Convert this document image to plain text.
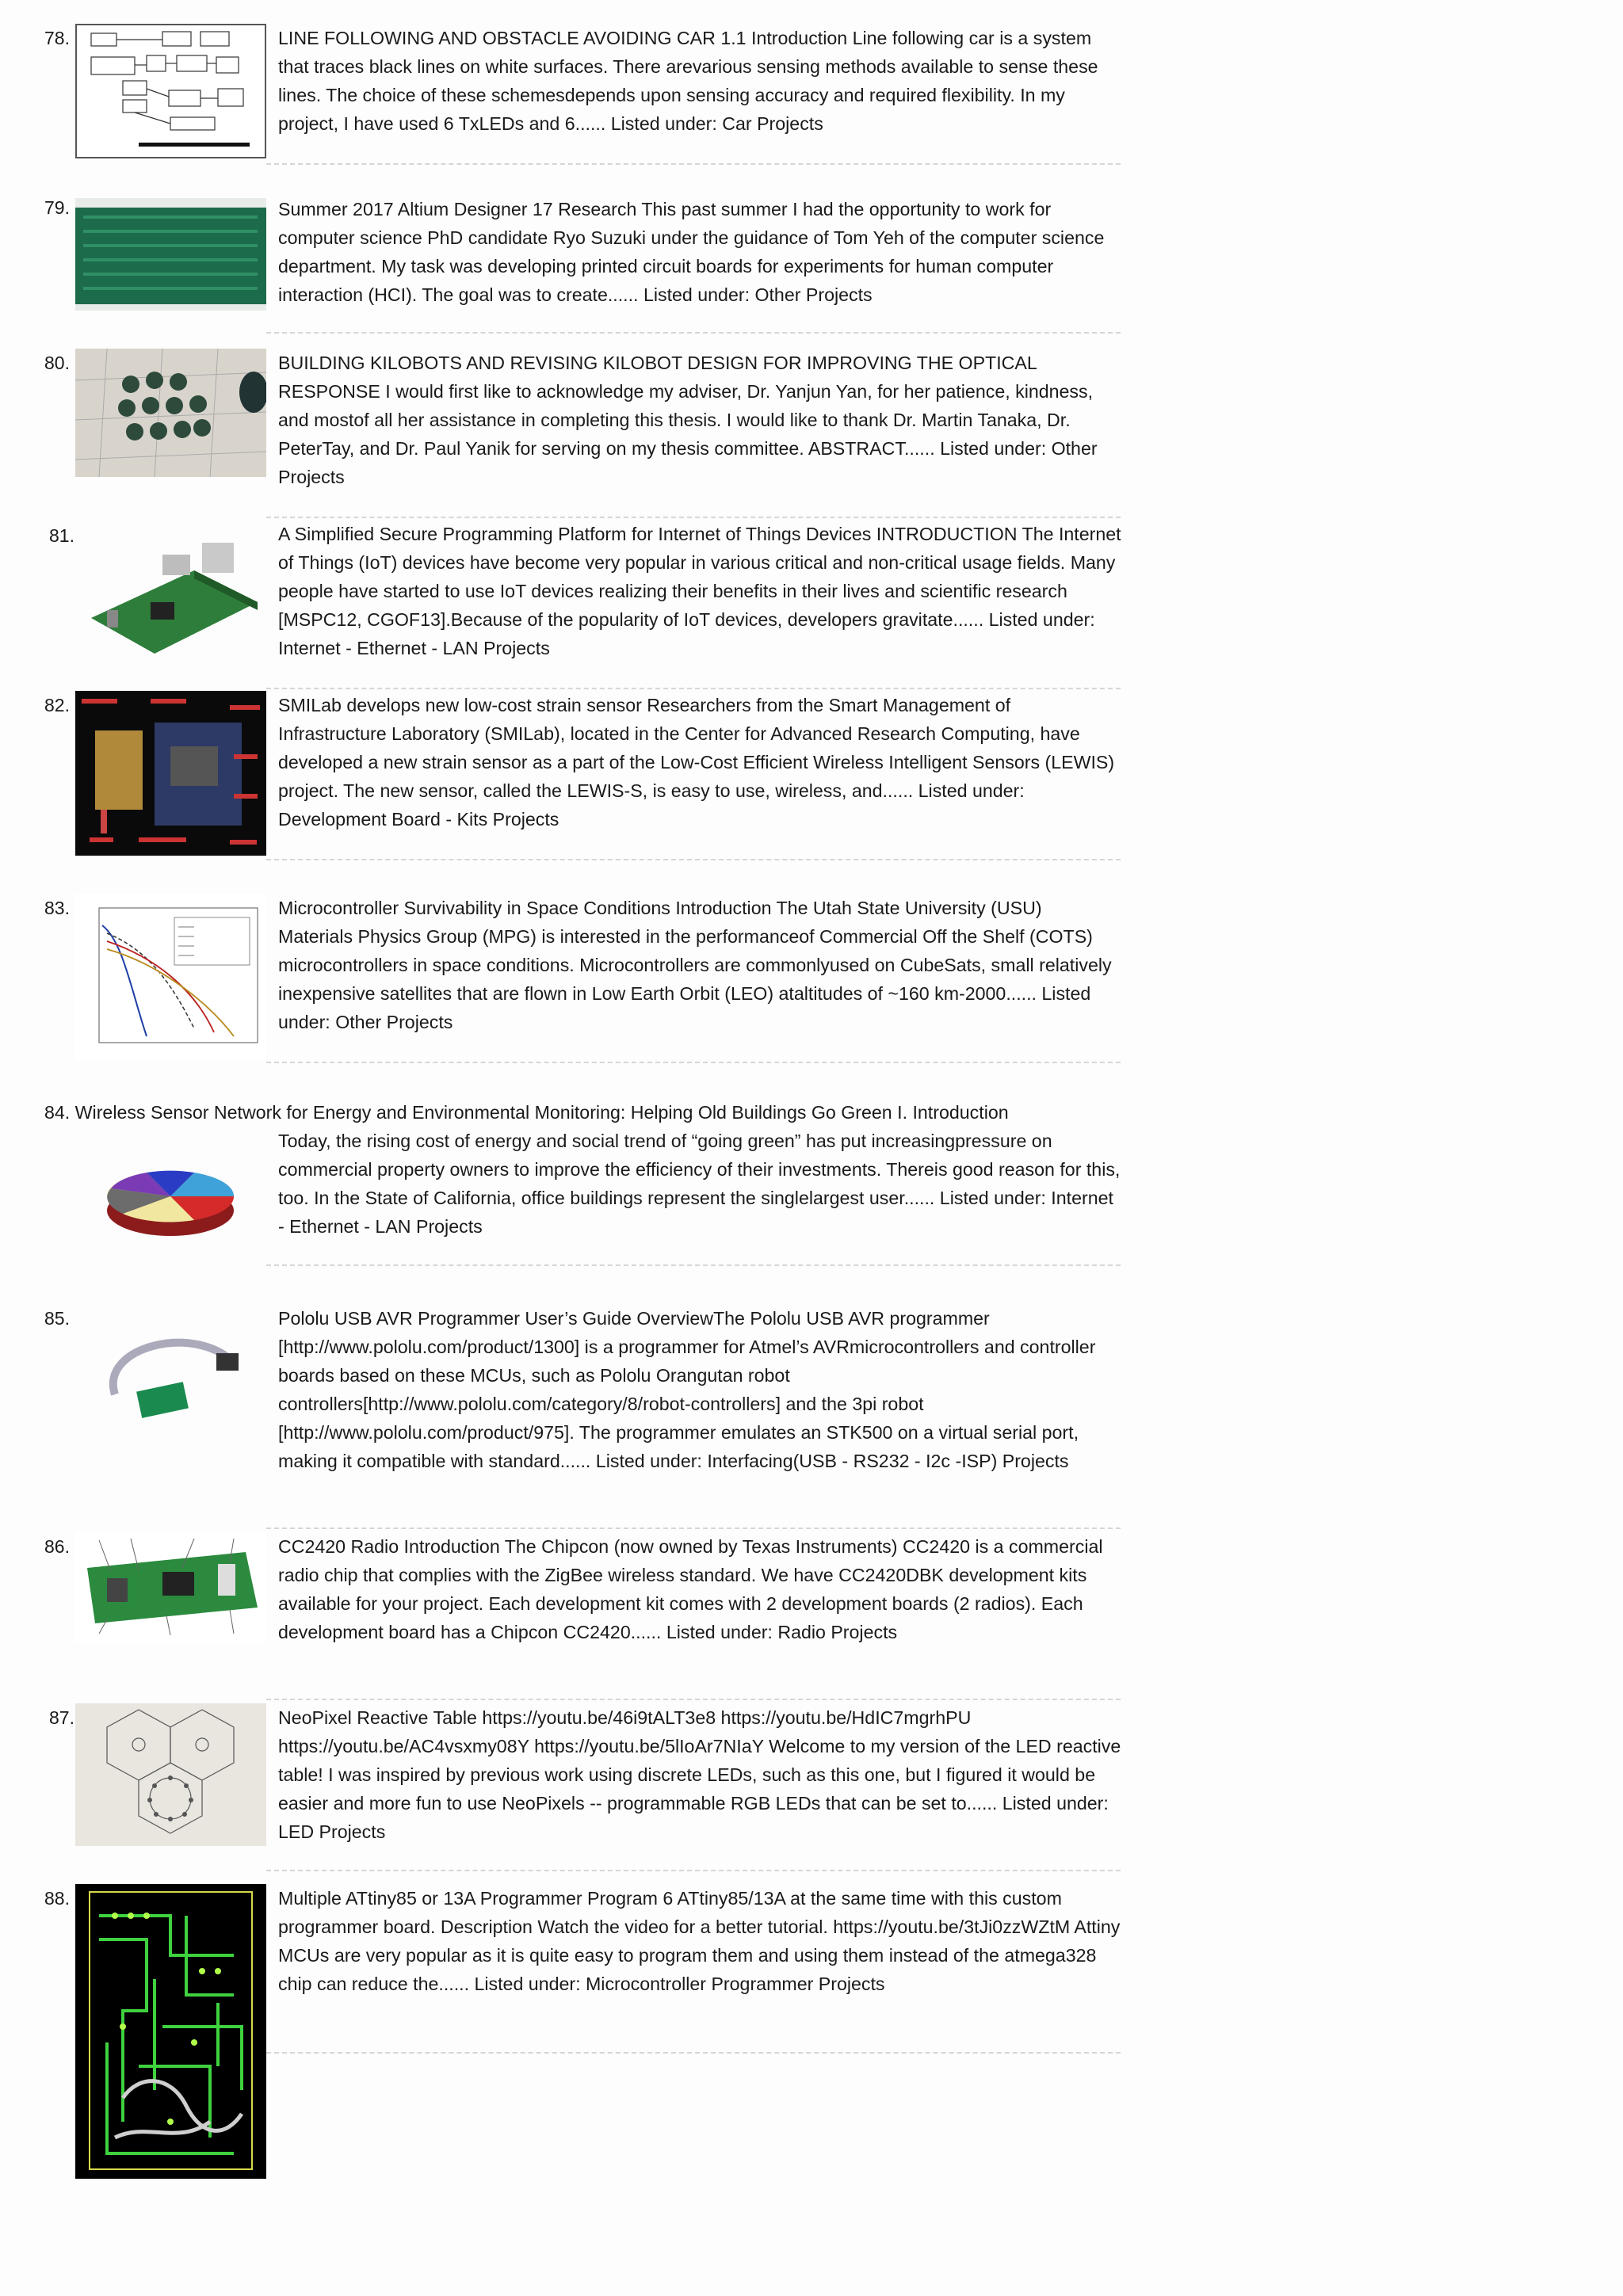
78.	LINE FOLLOWING AND OBSTACLE AVOIDING CAR 1.1 Introduction Line following car is a system that traces black lines on white surfaces. There arevarious sensing methods available to sense these lines. The choice of these schemesdepends upon sensing accuracy and required flexibility. In my project, I have used 6 TxLEDs and 6...... Listed under: Car Projects

79.	Summer 2017 Altium Designer 17 Research This past summer I had the opportunity to work for computer science PhD candidate Ryo Suzuki under the guidance of Tom Yeh of the computer science department. My task was developing printed circuit boards for experiments for human computer interaction (HCI). The goal was to create...... Listed under: Other Projects

80.	BUILDING KILOBOTS AND REVISING KILOBOT DESIGN FOR IMPROVING THE OPTICAL RESPONSE I would first like to acknowledge my adviser, Dr. Yanjun Yan, for her patience, kindness, and mostof all her assistance in completing this thesis. I would like to thank Dr. Martin Tanaka, Dr. PeterTay, and Dr. Paul Yanik for serving on my thesis committee. ABSTRACT...... Listed under: Other Projects

81.	A Simplified Secure Programming Platform for Internet of Things Devices INTRODUCTION The Internet of Things (IoT) devices have become very popular in various critical and non-critical usage fields. Many people have started to use IoT devices realizing their benefits in their lives and scientific research [MSPC12, CGOF13].Because of the popularity of IoT devices, developers gravitate...... Listed under: Internet - Ethernet - LAN Projects

82.	SMILab develops new low-cost strain sensor Researchers from the Smart Management of Infrastructure Laboratory (SMILab), located in the Center for Advanced Research Computing, have developed a new strain sensor as a part of the Low-Cost Efficient Wireless Intelligent Sensors (LEWIS) project. The new sensor, called the LEWIS-S, is easy to use, wireless, and...... Listed under: Development Board - Kits Projects

83.	Microcontroller Survivability in Space Conditions Introduction The Utah State University (USU) Materials Physics Group (MPG) is interested in the performanceof Commercial Off the Shelf (COTS) microcontrollers in space conditions. Microcontrollers are commonlyused on CubeSats, small relatively inexpensive satellites that are flown in Low Earth Orbit (LEO) ataltitudes of ~160 km-2000...... Listed under: Other Projects

84. Wireless Sensor Network for Energy and Environmental Monitoring: Helping Old Buildings Go Green I. Introduction

Today, the rising cost of energy and social trend of “going green” has put increasingpressure on commercial property owners to improve the efficiency of their investments. Thereis good reason for this, too. In the State of California, office buildings represent the singlelargest user...... Listed under: Internet - Ethernet - LAN Projects

85.	Pololu USB AVR Programmer User’s Guide OverviewThe Pololu USB AVR programmer [http://www.pololu.com/product/1300] is a programmer for Atmel’s AVRmicrocontrollers and controller boards based on these MCUs, such as Pololu Orangutan robot controllers[http://www.pololu.com/category/8/robot-controllers] and the 3pi robot [http://www.pololu.com/product/975]. The programmer emulates an STK500 on a virtual serial port, making it compatible with standard...... Listed under: Interfacing(USB - RS232 - I2c -ISP) Projects

86.	CC2420 Radio Introduction The Chipcon (now owned by Texas Instruments) CC2420 is a commercial radio chip that complies with the ZigBee wireless standard. We have CC2420DBK development kits available for your project. Each development kit comes with 2 development boards (2 radios). Each development board has a Chipcon CC2420...... Listed under: Radio Projects

87.	NeoPixel Reactive Table https://youtu.be/46i9tALT3e8 https://youtu.be/HdIC7mgrhPU https://youtu.be/AC4vsxmy08Y https://youtu.be/5lIoAr7NIaY Welcome to my version of the LED reactive table! I was inspired by previous work using discrete LEDs, such as this one, but I figured it would be easier and more fun to use NeoPixels -- programmable RGB LEDs that can be set to...... Listed under: LED Projects

88.	Multiple ATtiny85 or 13A Programmer Program 6 ATtiny85/13A at the same time with this custom programmer board. Description Watch the video for a better tutorial. https://youtu.be/3tJi0zzWZtM Attiny MCUs are very popular as it is quite easy to program them and using them instead of the atmega328 chip can reduce the...... Listed under: Microcontroller Programmer Projects
